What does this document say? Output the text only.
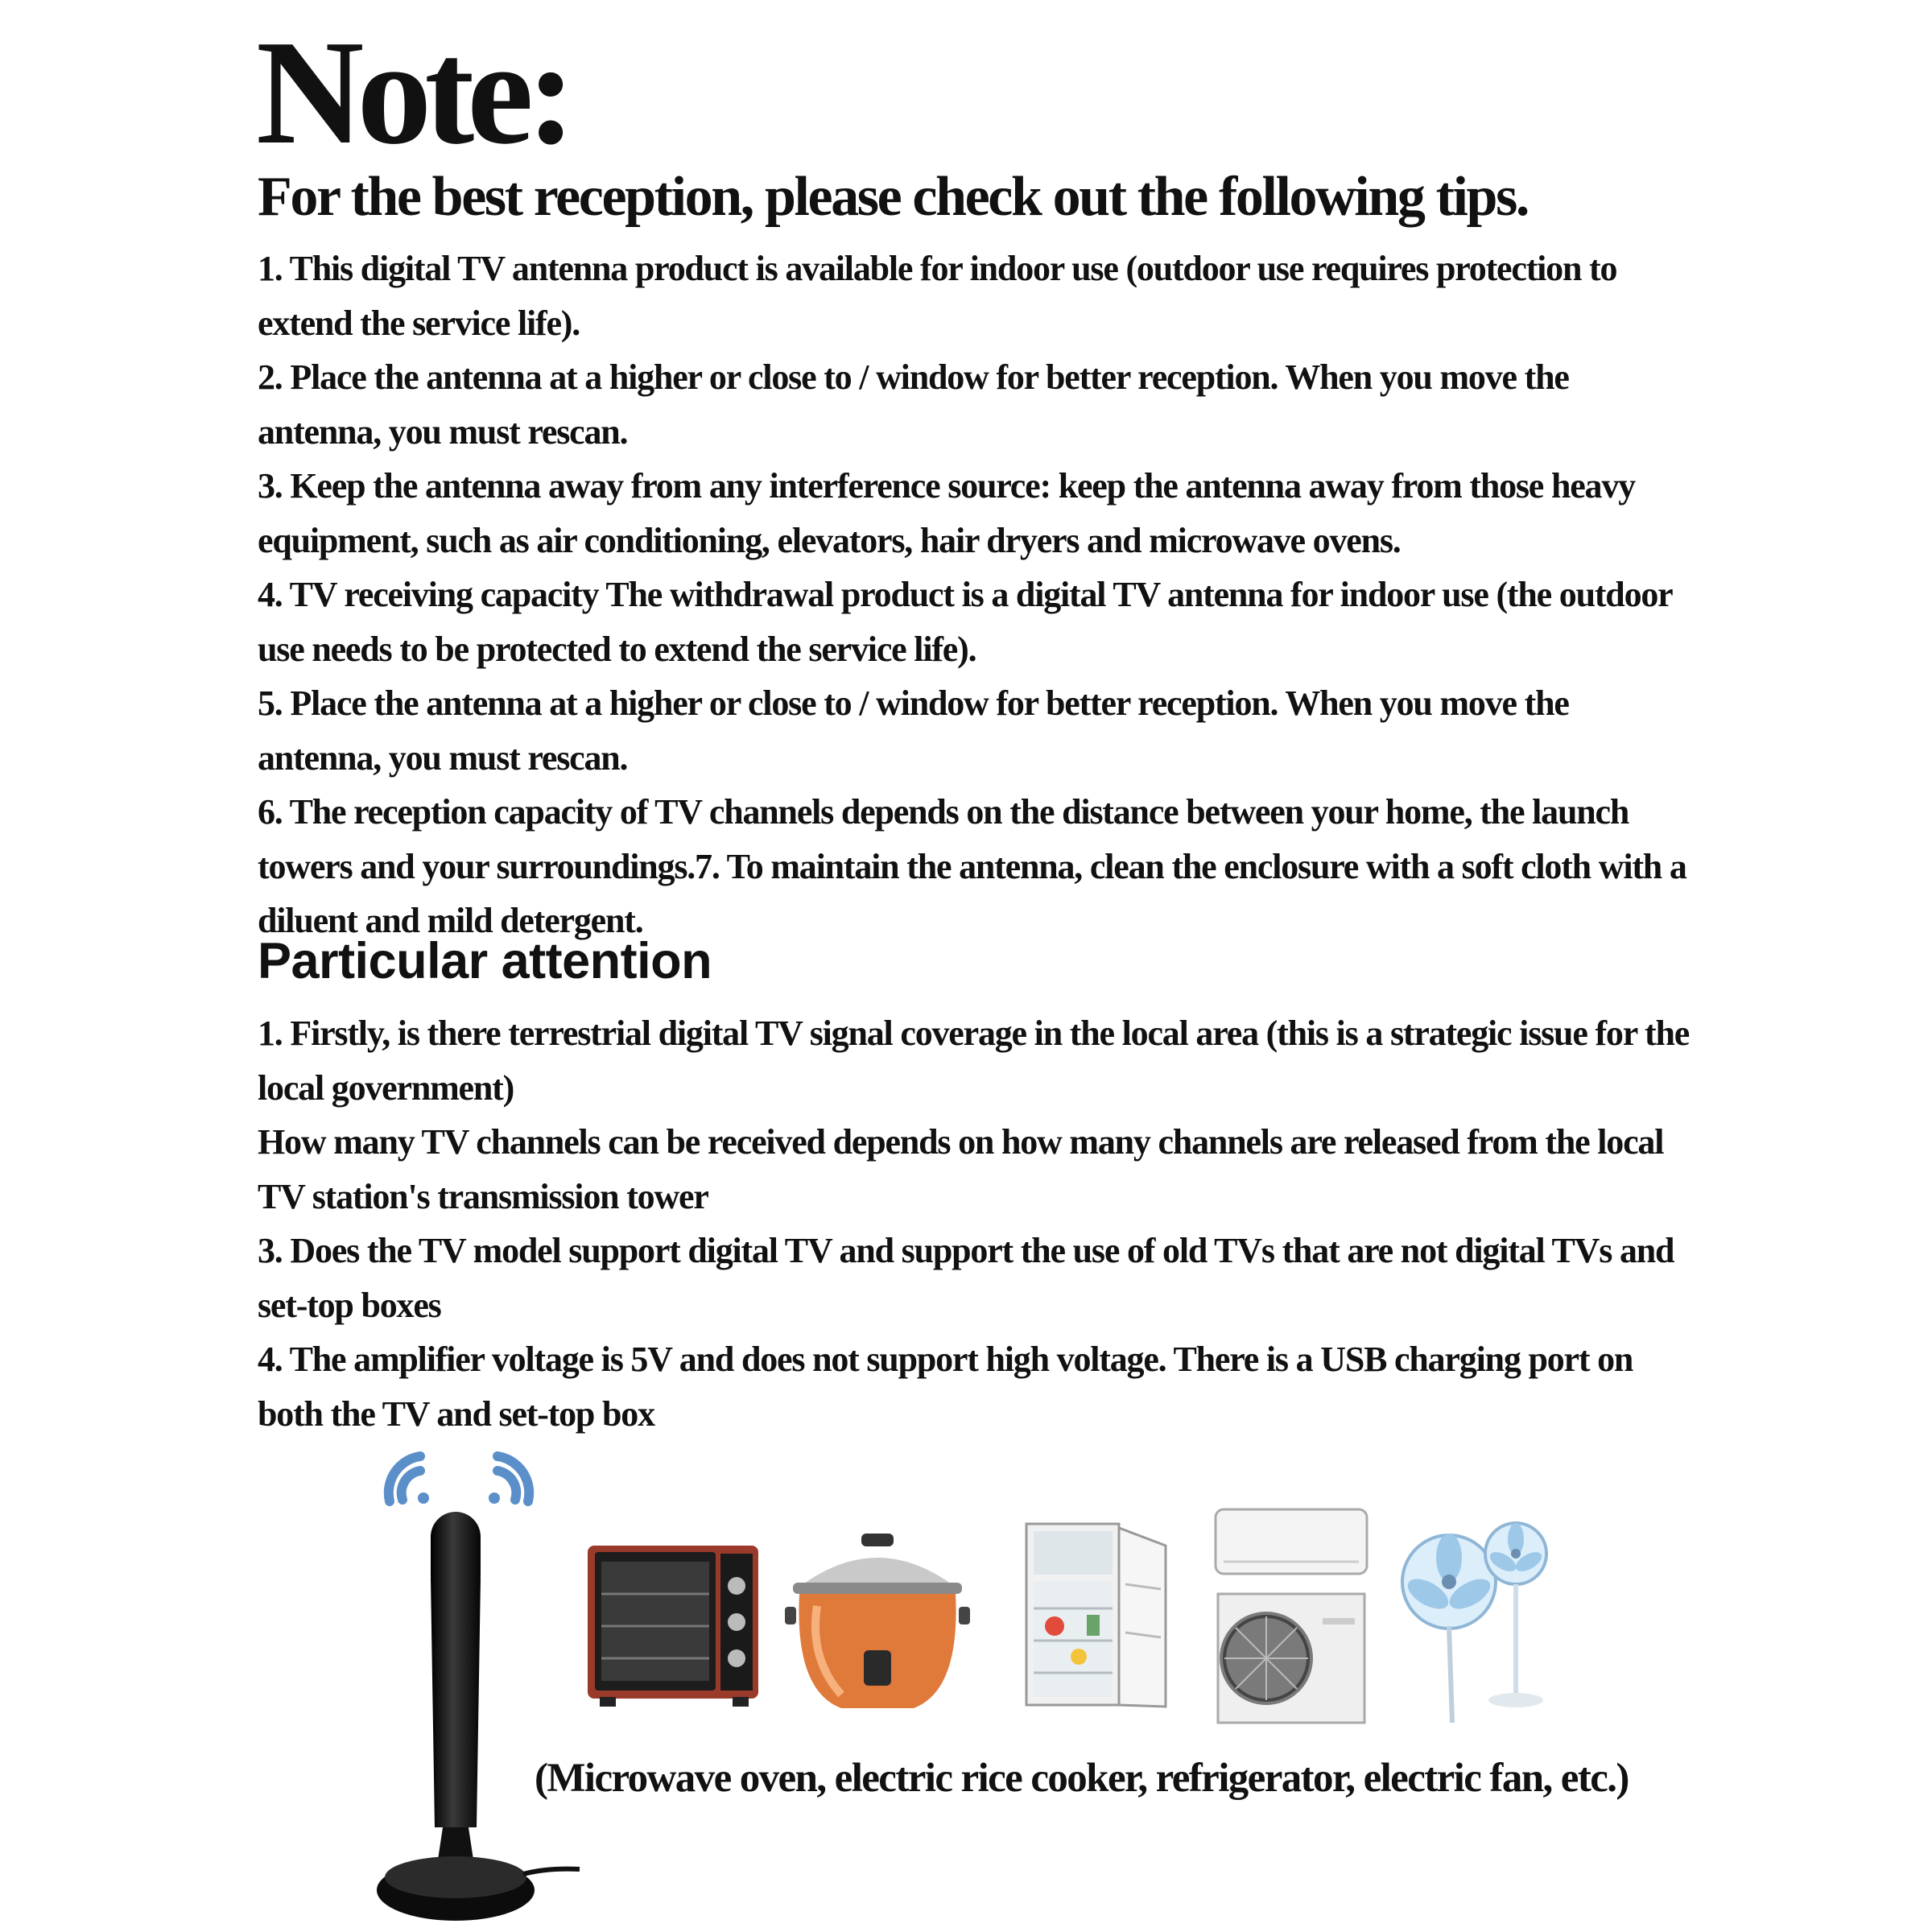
Note:
For the best reception, please check out the following tips.

1. This digital TV antenna product is available for indoor use (outdoor use requires protection to extend the service life).

2. Place the antenna at a higher or close to / window for better reception. When you move the antenna, you must rescan.

3. Keep the antenna away from any interference source: keep the antenna away from those heavy equipment, such as air conditioning, elevators, hair dryers and microwave ovens.

4. TV receiving capacity The withdrawal product is a digital TV antenna for indoor use (the outdoor use needs to be protected to extend the service life).

5. Place the antenna at a higher or close to / window for better reception. When you move the antenna, you must rescan.

6. The reception capacity of TV channels depends on the distance between your home, the launch towers and your surroundings.7. To maintain the antenna, clean the enclosure with a soft cloth with a diluent and mild detergent.

Particular attention

1. Firstly, is there terrestrial digital TV signal coverage in the local area (this is a strategic issue for the local government)

How many TV channels can be received depends on how many channels are released from the local TV station's transmission tower

3. Does the TV model support digital TV and support the use of old TVs that are not digital TVs and set-top boxes

4. The amplifier voltage is 5V and does not support high voltage. There is a USB charging port on both the TV and set-top box

(Microwave oven, electric rice cooker, refrigerator, electric fan, etc.)
